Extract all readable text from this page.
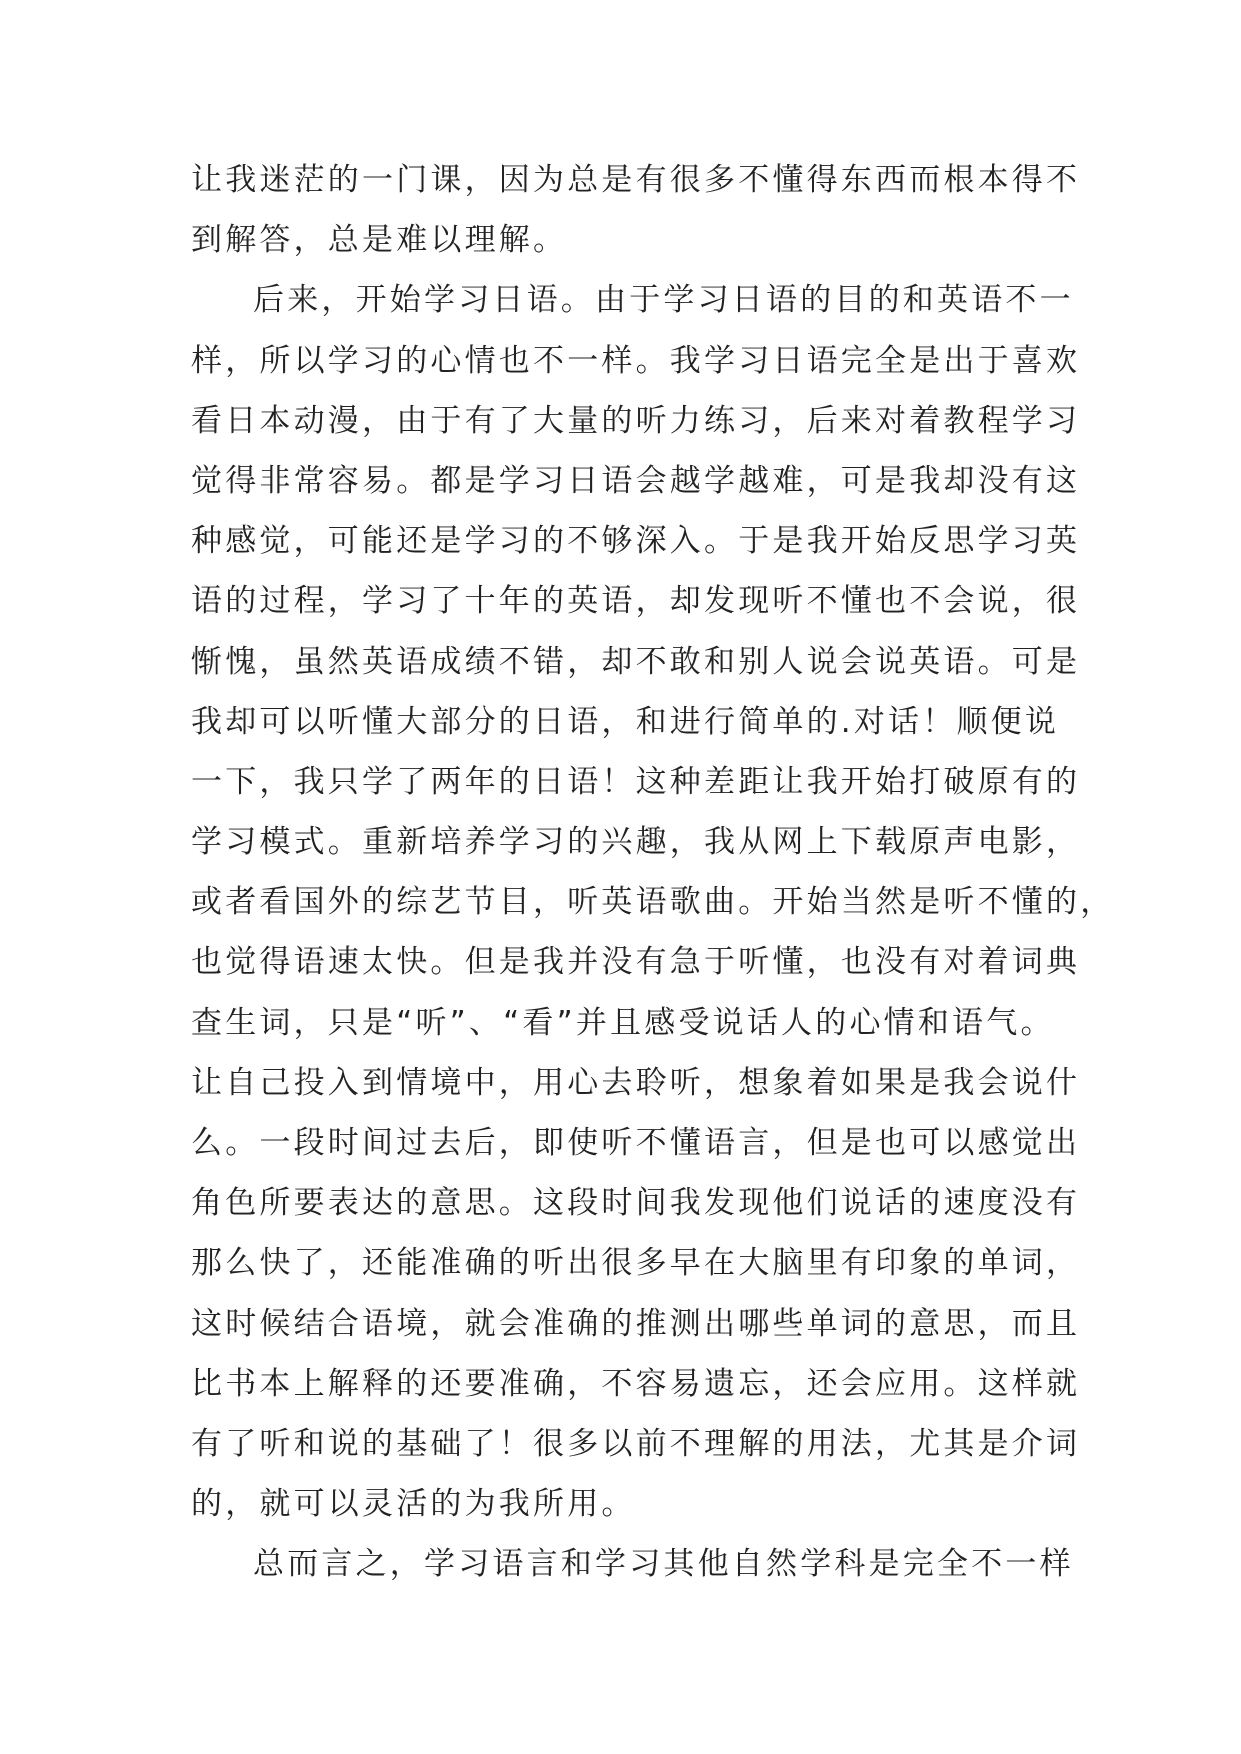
让我迷茫的一门课，因为总是有很多不懂得东西而根本得不
到解答，总是难以理解。
后来，开始学习日语。由于学习日语的目的和英语不一
样，所以学习的心情也不一样。我学习日语完全是出于喜欢
看日本动漫，由于有了大量的听力练习，后来对着教程学习
觉得非常容易。都是学习日语会越学越难，可是我却没有这
种感觉，可能还是学习的不够深入。于是我开始反思学习英
语的过程，学习了十年的英语，却发现听不懂也不会说，很
惭愧，虽然英语成绩不错，却不敢和别人说会说英语。可是
我却可以听懂大部分的日语，和进行简单的.对话！顺便说
一下，我只学了两年的日语！这种差距让我开始打破原有的
学习模式。重新培养学习的兴趣，我从网上下载原声电影，
或者看国外的综艺节目，听英语歌曲。开始当然是听不懂的，
也觉得语速太快。但是我并没有急于听懂，也没有对着词典
查生词，只是“听”、“看”并且感受说话人的心情和语气。
让自己投入到情境中，用心去聆听，想象着如果是我会说什
么。一段时间过去后，即使听不懂语言，但是也可以感觉出
角色所要表达的意思。这段时间我发现他们说话的速度没有
那么快了，还能准确的听出很多早在大脑里有印象的单词，
这时候结合语境，就会准确的推测出哪些单词的意思，而且
比书本上解释的还要准确，不容易遗忘，还会应用。这样就
有了听和说的基础了！很多以前不理解的用法，尤其是介词
的，就可以灵活的为我所用。
总而言之，学习语言和学习其他自然学科是完全不一样
